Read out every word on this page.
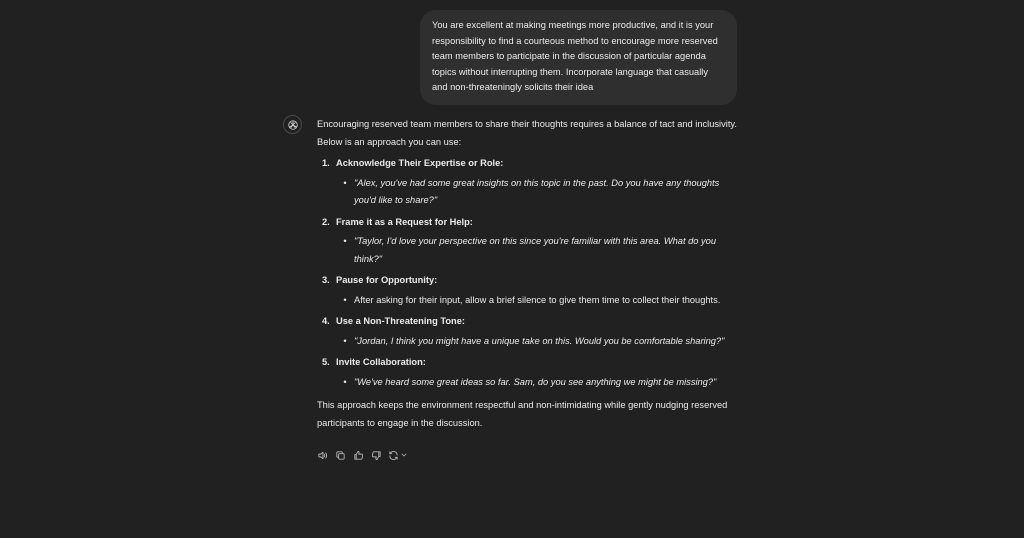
You are excellent at making meetings more productive, and it is your responsibility to find a courteous method to encourage more reserved team members to participate in the discussion of particular agenda topics without interrupting them. Incorporate language that casually and non-threateningly solicits their idea

Encouraging reserved team members to share their thoughts requires a balance of tact and inclusivity. Below is an approach you can use:

1. Acknowledge Their Expertise or Role:
• "Alex, you've had some great insights on this topic in the past. Do you have any thoughts you'd like to share?"
2. Frame it as a Request for Help:
• "Taylor, I'd love your perspective on this since you're familiar with this area. What do you think?"
3. Pause for Opportunity:
• After asking for their input, allow a brief silence to give them time to collect their thoughts.
4. Use a Non-Threatening Tone:
• "Jordan, I think you might have a unique take on this. Would you be comfortable sharing?"
5. Invite Collaboration:
• "We've heard some great ideas so far. Sam, do you see anything we might be missing?"

This approach keeps the environment respectful and non-intimidating while gently nudging reserved participants to engage in the discussion.
